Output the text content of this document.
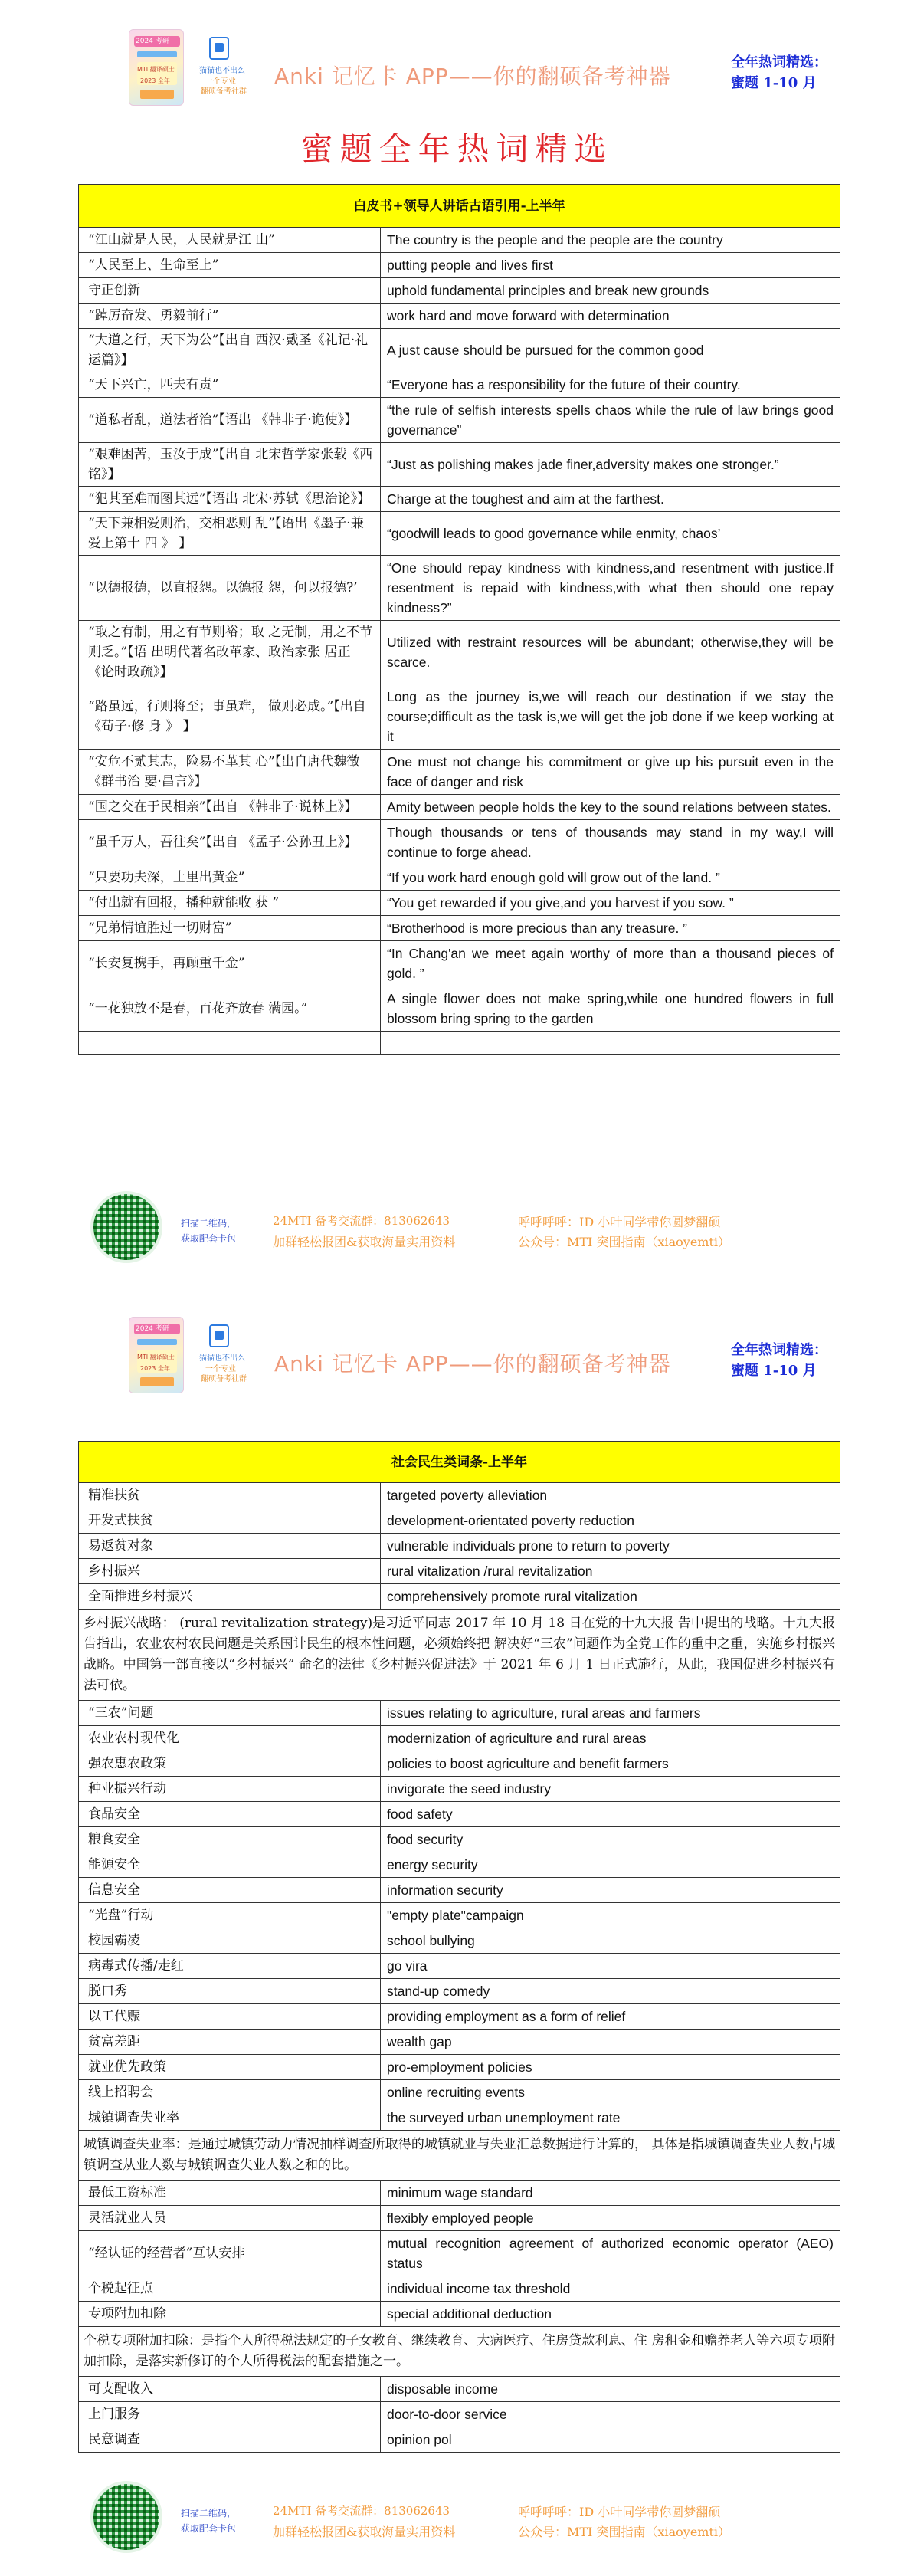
2024 考研
MTI 翻译硕士
2023 全年
猫猫也不出么
一个专业
翻硕备考社群
Anki 记忆卡 APP——你的翻硕备考神器
全年热词精选：
蜜题 1-10 月
蜜题全年热词精选
白皮书+领导人讲话古语引用-上半年	
“江山就是人民，人民就是江 山”	The country is the people and the people are the country
“人民至上、生命至上”	putting people and lives first
守正创新	uphold fundamental principles and break new grounds
“踔厉奋发、勇毅前行”	work hard and move forward with determination
“大道之行，天下为公”【出自 西汉·戴圣《礼记·礼运篇》】	A just cause should be pursued for the common good
“天下兴亡，匹夫有责”	“Everyone has a responsibility for the future of their country.
“道私者乱，道法者治”【语出 《韩非子·诡使》】	“the rule of selfish interests spells chaos while the rule of law brings good governance”
“艰难困苦，玉汝于成”【出自 北宋哲学家张载《西铭》】	“Just as polishing makes jade finer,adversity makes one stronger.”
“犯其至难而图其远”【语出 北宋·苏轼《思治论》】	Charge at the toughest and aim at the farthest.
“天下兼相爱则治，交相恶则 乱”【语出《墨子·兼爱上第十 四 》 】	“goodwill leads to good governance while enmity, chaos’
“以德报德，以直报怨。以德报 怨，何以报德?’	“One should repay kindness with kindness,and resentment with justice.If resentment is repaid with kindness,with what then should one repay kindness?”
“取之有制，用之有节则裕；取 之无制，用之不节则乏。”【语 出明代著名改革家、政治家张 居正《论时政疏》】	Utilized with restraint resources will be abundant; otherwise,they will be scarce.
“路虽远，行则将至；事虽难， 做则必成。”【出自《荀子·修 身 》 】	Long as the journey is,we will reach our destination if we stay the course;difficult as the task is,we will get the job done if we keep working at it
“安危不贰其志，险易不革其 心”【出自唐代魏徵《群书治 要·昌言》】	One must not change his commitment or give up his pursuit even in the face of danger and risk
“国之交在于民相亲”【出自 《韩非子·说林上》】	Amity between people holds the key to the sound relations between states.
“虽千万人，吾往矣”【出自 《孟子·公孙丑上》】	Though thousands or tens of thousands may stand in my way,I will continue to forge ahead.
“只要功夫深，土里出黄金”	“If you work hard enough gold will grow out of the land. ”
“付出就有回报，播种就能收 获 ”	“You get rewarded if you give,and you harvest if you sow. ”
“兄弟情谊胜过一切财富”	“Brotherhood is more precious than any treasure. ”
“长安复携手，再顾重千金”	“In Chang'an we meet again worthy of more than a thousand pieces of gold. ”
“一花独放不是春，百花齐放春 满园。”	A single flower does not make spring,while one hundred flowers in full blossom bring spring to the garden

扫描二维码，
获取配套卡包
24MTI 备考交流群：813062643
加群轻松报团&获取海量实用资料
呼呼呼呼：ID 小叶同学带你圆梦翻硕
公众号：MTI 突围指南（xiaoyemti）
2024 考研
MTI 翻译硕士
2023 全年
猫猫也不出么
一个专业
翻硕备考社群
Anki 记忆卡 APP——你的翻硕备考神器
全年热词精选：
蜜题 1-10 月
社会民生类词条-上半年	
精准扶贫	targeted poverty alleviation
开发式扶贫	development-orientated poverty reduction
易返贫对象	vulnerable individuals prone to return to poverty
乡村振兴	rural vitalization /rural revitalization
全面推进乡村振兴	comprehensively promote rural vitalization
乡村振兴战略： (rural revitalization strategy)是习近平同志 2017 年 10 月 18 日在党的十九大报 告中提出的战略。十九大报告指出，农业农村农民问题是关系国计民生的根本性问题，必须始终把 解决好“三农”问题作为全党工作的重中之重，实施乡村振兴战略。中国第一部直接以“乡村振兴” 命名的法律《乡村振兴促进法》于 2021 年 6 月 1 日正式施行，从此，我国促进乡村振兴有法可依。	
“三农”问题	issues relating to agriculture, rural areas and farmers
农业农村现代化	modernization of agriculture and rural areas
强农惠农政策	policies to boost agriculture and benefit farmers
种业振兴行动	invigorate the seed industry
食品安全	food safety
粮食安全	food security
能源安全	energy security
信息安全	information security
“光盘”行动	"empty plate"campaign
校园霸凌	school bullying
病毒式传播/走红	go vira
脱口秀	stand-up comedy
以工代赈	providing employment as a form of relief
贫富差距	wealth gap
就业优先政策	pro-employment policies
线上招聘会	online recruiting events
城镇调查失业率	the surveyed urban unemployment rate
城镇调查失业率：是通过城镇劳动力情况抽样调查所取得的城镇就业与失业汇总数据进行计算的， 具体是指城镇调查失业人数占城镇调查从业人数与城镇调查失业人数之和的比。	
最低工资标准	minimum wage standard
灵活就业人员	flexibly employed people
“经认证的经营者”互认安排	mutual recognition agreement of authorized economic operator (AEO) status
个税起征点	individual income tax threshold
专项附加扣除	special additional deduction
个税专项附加扣除：是指个人所得税法规定的子女教育、继续教育、大病医疗、住房贷款利息、住 房租金和赡养老人等六项专项附加扣除，是落实新修订的个人所得税法的配套措施之一。	
可支配收入	disposable income
上门服务	door-to-door service
民意调查	opinion pol
扫描二维码，
获取配套卡包
24MTI 备考交流群：813062643
加群轻松报团&获取海量实用资料
呼呼呼呼：ID 小叶同学带你圆梦翻硕
公众号：MTI 突围指南（xiaoyemti）
